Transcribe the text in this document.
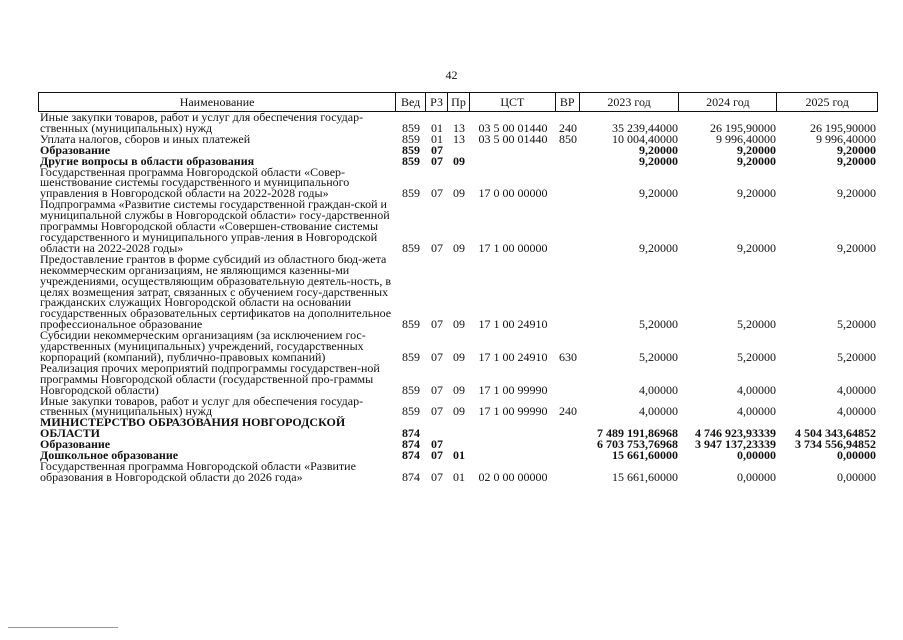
42
Наименование	Вед РЗ Пр	ЦСТ	ВР	2023 год	2024 год	2025 год
Иные закупки товаров, работ и услуг для обеспечения государ-ственных (муниципальных) нужд	859 01 13	03 5 00 01440 240	35 239,44000	26 195,90000	26 195,90000
Уплата налогов, сборов и иных платежей	859 01 13	03 5 00 01440 850	10 004,40000	9 996,40000	9 996,40000
Образование	859 07	9,20000	9,20000	9,20000
Другие вопросы в области образования	859 07 09	9,20000	9,20000	9,20000
Государственная программа Новгородской области «Совер-шенствование системы государственного и муниципального управления в Новгородской области на 2022-2028 годы»	859 07 09	17 0 00 00000	9,20000	9,20000	9,20000
Подпрограмма «Развитие системы государственной граждан-ской и муниципальной службы в Новгородской области» госу-дарственной программы Новгородской области «Совершен-ствование системы государственного и муниципального управ-ления в Новгородской области на 2022-2028 годы»	859 07 09	17 1 00 00000	9,20000	9,20000	9,20000
Предоставление грантов в форме субсидий из областного бюд-жета некоммерческим организациям, не являющимся казенны-ми учреждениями, осуществляющим образовательную деятель-ность, в целях возмещения затрат, связанных с обучением госу-дарственных гражданских служащих Новгородской области на основании государственных образовательных сертификатов на дополнительное профессиональное образование	859 07 09	17 1 00 24910	5,20000	5,20000	5,20000
Субсидии некоммерческим организациям (за исключением гос-ударственных (муниципальных) учреждений, государственных корпораций (компаний), публично-правовых компаний)	859 07 09	17 1 00 24910 630	5,20000	5,20000	5,20000
Реализация прочих мероприятий подпрограммы государствен-ной программы Новгородской области (государственной про-граммы Новгородской области)	859 07 09	17 1 00 99990	4,00000	4,00000	4,00000
Иные закупки товаров, работ и услуг для обеспечения государ-ственных (муниципальных) нужд	859 07 09	17 1 00 99990 240	4,00000	4,00000	4,00000
МИНИСТЕРСТВО ОБРАЗОВАНИЯ НОВГОРОДСКОЙ ОБЛАСТИ	874	7 489 191,86968	4 746 923,93339	4 504 343,64852
Образование	874 07	6 703 753,76968	3 947 137,23339	3 734 556,94852
Дошкольное образование	874 07 01	15 661,60000	0,00000	0,00000
Государственная программа Новгородской области «Развитие образования в Новгородской области до 2026 года»	874 07 01	02 0 00 00000	15 661,60000	0,00000	0,00000
